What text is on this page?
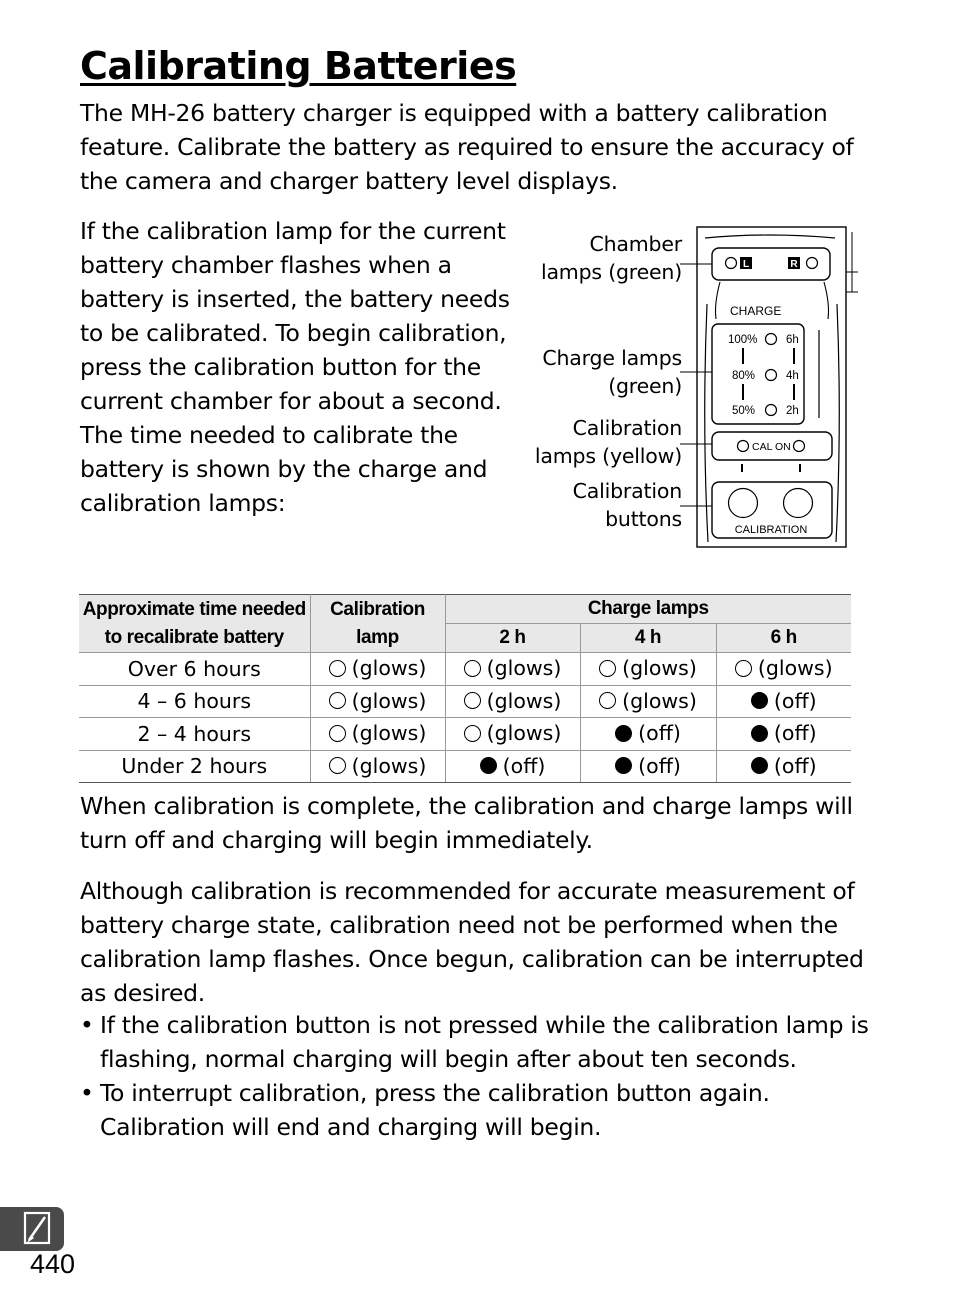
Calibrating Batteries

The MH-26 battery charger is equipped with a battery calibration feature. Calibrate the battery as required to ensure the accuracy of the camera and charger battery level displays.

If the calibration lamp for the current battery chamber flashes when a battery is inserted, the battery needs to be calibrated. To begin calibration, press the calibration button for the current chamber for about a second. The time needed to calibrate the battery is shown by the charge and calibration lamps:

Chamber
lamps (green)
Charge lamps
(green)
Calibration
lamps (yellow)
Calibration
buttons
L	R
CHARGE
100% 6h
80%	4h
50%	2h
CAL ON
CALIBRATION
Approximate time needed to recalibrate battery	Calibration lamp	Charge lamps		
		2 h	4 h	6 h
Over 6 hours	(glows)	(glows)	(glows)	(glows)

4 – 6 hours	(glows)	(glows)	(glows)	(off)

2 – 4 hours	(glows)	(glows)	(off)	(off)

Under 2 hours	(glows)	(off)	(off)	(off)

When calibration is complete, the calibration and charge lamps will turn off and charging will begin immediately.

Although calibration is recommended for accurate measurement of battery charge state, calibration need not be performed when the calibration lamp flashes. Once begun, calibration can be interrupted as desired.

• If the calibration button is not pressed while the calibration lamp is flashing, normal charging will begin after about ten seconds.
• To interrupt calibration, press the calibration button again. Calibration will end and charging will begin.
440
